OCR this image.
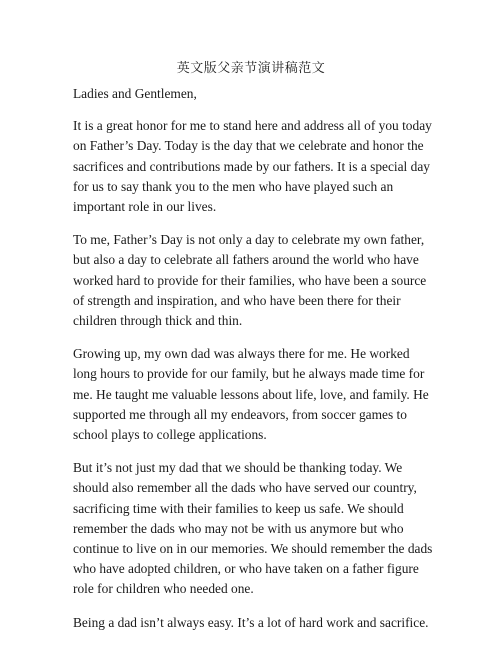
英文版父亲节演讲稿范文

Ladies and Gentlemen,

It is a great honor for me to stand here and address all of you today on Father’s Day. Today is the day that we celebrate and honor the sacrifices and contributions made by our fathers. It is a special day for us to say thank you to the men who have played such an important role in our lives.

To me, Father’s Day is not only a day to celebrate my own father, but also a day to celebrate all fathers around the world who have worked hard to provide for their families, who have been a source of strength and inspiration, and who have been there for their children through thick and thin.

Growing up, my own dad was always there for me. He worked long hours to provide for our family, but he always made time for me. He taught me valuable lessons about life, love, and family. He supported me through all my endeavors, from soccer games to school plays to college applications.

But it’s not just my dad that we should be thanking today. We should also remember all the dads who have served our country, sacrificing time with their families to keep us safe. We should remember the dads who may not be with us anymore but who continue to live on in our memories. We should remember the dads who have adopted children, or who have taken on a father figure role for children who needed one.

Being a dad isn’t always easy. It’s a lot of hard work and sacrifice.
